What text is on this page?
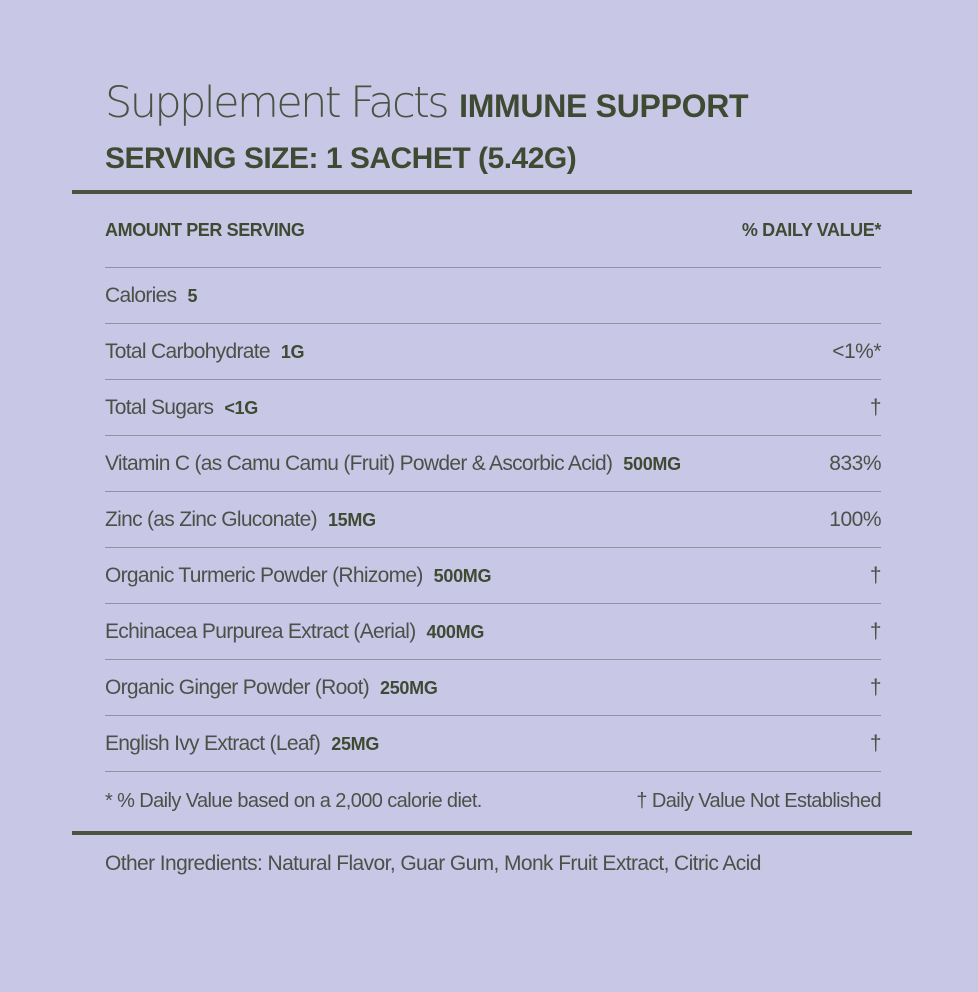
Supplement Facts IMMUNE SUPPORT
SERVING SIZE: 1 SACHET (5.42G)
AMOUNT PER SERVING	% DAILY VALUE*
Calories 5
Total Carbohydrate 1G	<1%*
Total Sugars <1G	†
Vitamin C (as Camu Camu (Fruit) Powder & Ascorbic Acid) 500MG	833%
Zinc (as Zinc Gluconate) 15MG	100%
Organic Turmeric Powder (Rhizome) 500MG	†
Echinacea Purpurea Extract (Aerial) 400MG	†
Organic Ginger Powder (Root) 250MG	†
English Ivy Extract (Leaf) 25MG	†
* % Daily Value based on a 2,000 calorie diet.	† Daily Value Not Established
Other Ingredients: Natural Flavor, Guar Gum, Monk Fruit Extract, Citric Acid
